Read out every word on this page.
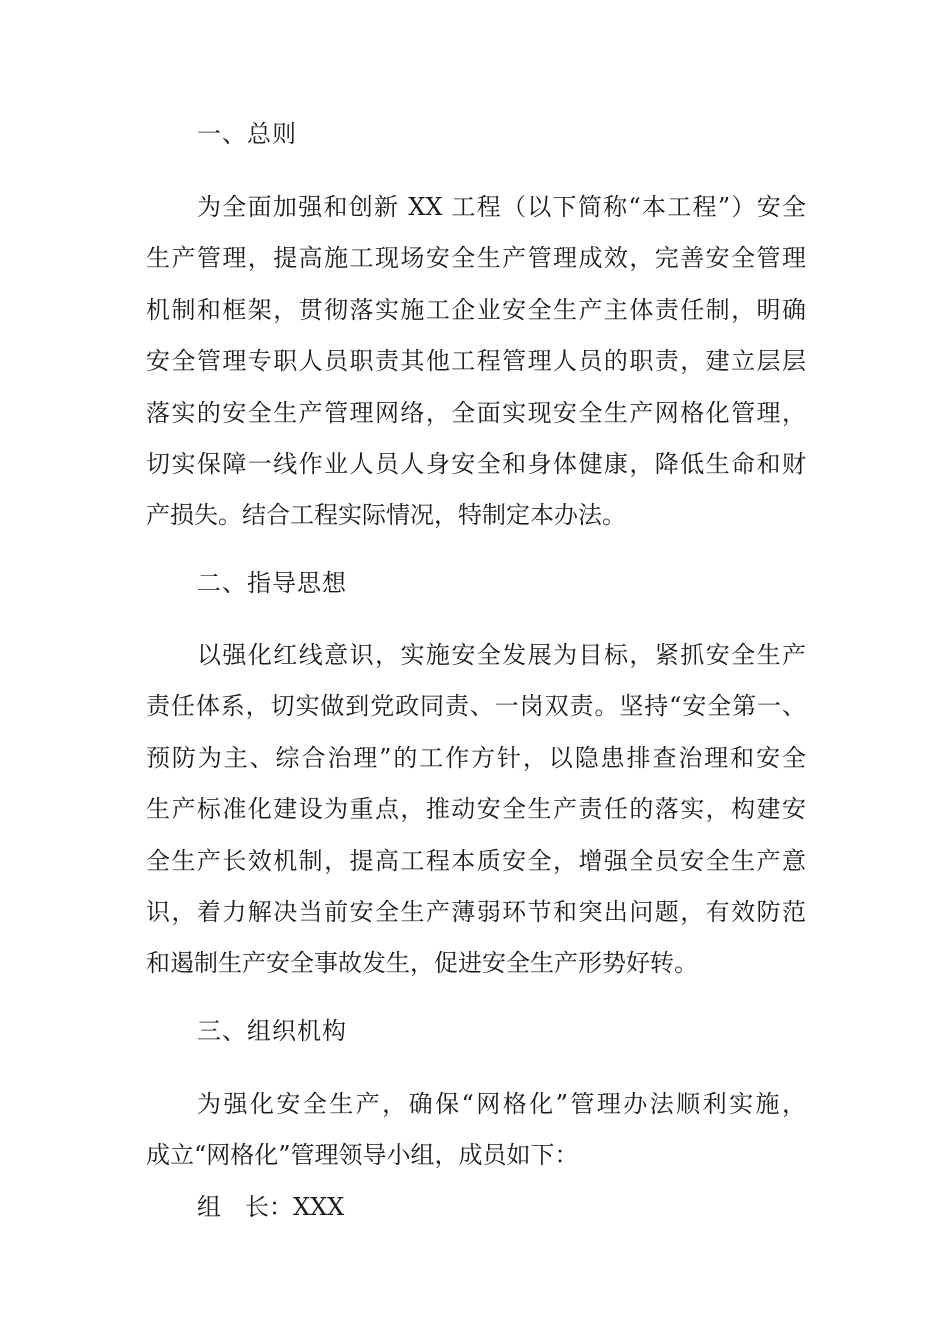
一、总则
为全面加强和创新 XX 工程（以下简称“本工程”）安全
生产管理，提高施工现场安全生产管理成效，完善安全管理
机制和框架，贯彻落实施工企业安全生产主体责任制，明确
安全管理专职人员职责其他工程管理人员的职责，建立层层
落实的安全生产管理网络，全面实现安全生产网格化管理，
切实保障一线作业人员人身安全和身体健康，降低生命和财
产损失。结合工程实际情况，特制定本办法。
二、指导思想
以强化红线意识，实施安全发展为目标，紧抓安全生产
责任体系，切实做到党政同责、一岗双责。坚持“安全第一、
预防为主、综合治理”的工作方针，以隐患排查治理和安全
生产标准化建设为重点，推动安全生产责任的落实，构建安
全生产长效机制，提高工程本质安全，增强全员安全生产意
识，着力解决当前安全生产薄弱环节和突出问题，有效防范
和遏制生产安全事故发生，促进安全生产形势好转。
三、组织机构
为强化安全生产，确保“网格化”管理办法顺利实施，
成立“网格化”管理领导小组，成员如下：
组　长：XXX
